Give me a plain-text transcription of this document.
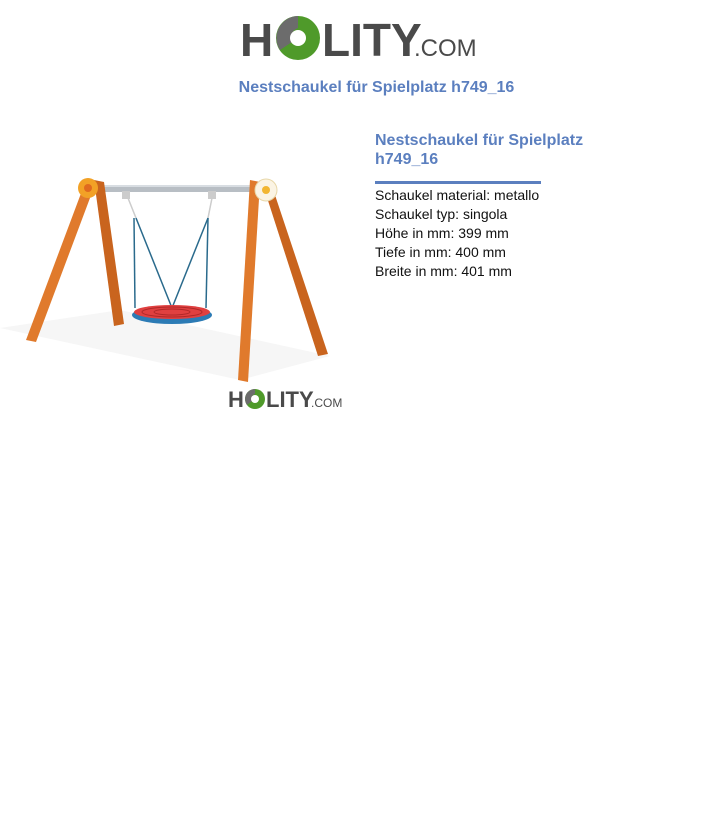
H LITY
.COM
Nestschaukel für Spielplatz h749_16
H LITY
.COM
Nestschaukel für Spielplatz h749_16

Schaukel material: metallo

Schaukel typ: singola

Höhe in mm: 399 mm

Tiefe in mm: 400 mm

Breite in mm: 401 mm
